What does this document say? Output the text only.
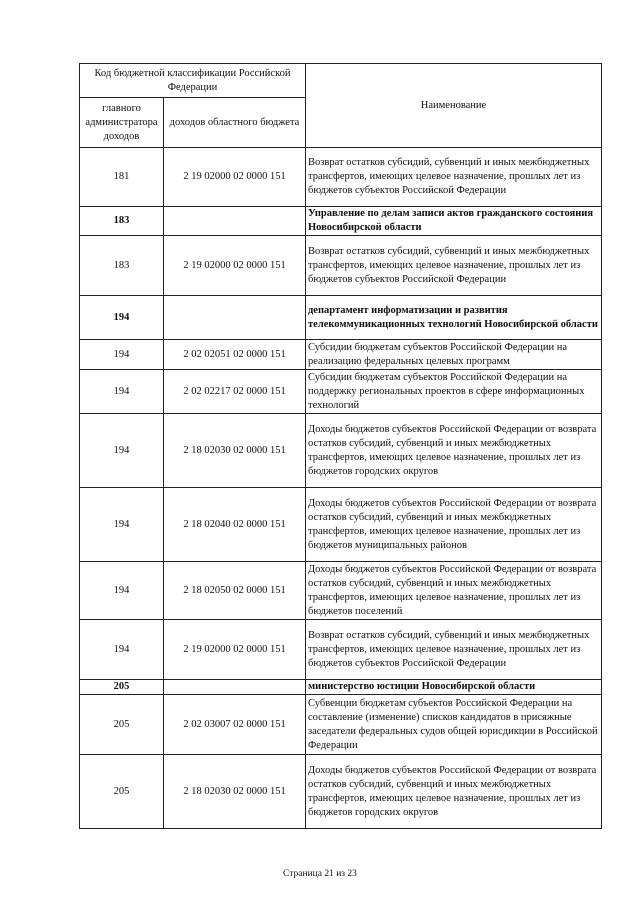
Код бюджетной классификации Российской Федерации		Наименование
главного администратора доходов	доходов областного бюджета	
181	2 19 02000 02 0000 151	Возврат остатков субсидий, субвенций и иных межбюджетных трансфертов, имеющих целевое назначение, прошлых лет из бюджетов субъектов Российской Федерации
183		Управление по делам записи актов гражданского состояния Новосибирской области
183	2 19 02000 02 0000 151	Возврат остатков субсидий, субвенций и иных межбюджетных трансфертов, имеющих целевое назначение, прошлых лет из бюджетов субъектов Российской Федерации
194		департамент информатизации и развития телекоммуникационных технологий Новосибирской области
194	2 02 02051 02 0000 151	Субсидии бюджетам субъектов Российской Федерации на реализацию федеральных целевых программ
194	2 02 02217 02 0000 151	Субсидии бюджетам субъектов Российской Федерации на поддержку региональных проектов в сфере информационных технологий
194	2 18 02030 02 0000 151	Доходы бюджетов субъектов Российской Федерации от возврата остатков субсидий, субвенций и иных межбюджетных трансфертов, имеющих целевое назначение, прошлых лет из бюджетов городских округов
194	2 18 02040 02 0000 151	Доходы бюджетов субъектов Российской Федерации от возврата остатков субсидий, субвенций и иных межбюджетных трансфертов, имеющих целевое назначение, прошлых лет из бюджетов муниципальных районов
194	2 18 02050 02 0000 151	Доходы бюджетов субъектов Российской Федерации от возврата остатков субсидий, субвенций и иных межбюджетных трансфертов, имеющих целевое назначение, прошлых лет из бюджетов поселений
194	2 19 02000 02 0000 151	Возврат остатков субсидий, субвенций и иных межбюджетных трансфертов, имеющих целевое назначение, прошлых лет из бюджетов субъектов Российской Федерации
205		министерство юстиции Новосибирской области
205	2 02 03007 02 0000 151	Субвенции бюджетам субъектов Российской Федерации на составление (изменение) списков кандидатов в присяжные заседатели федеральных судов общей юрисдикции в Российской Федерации
205	2 18 02030 02 0000 151	Доходы бюджетов субъектов Российской Федерации от возврата остатков субсидий, субвенций и иных межбюджетных трансфертов, имеющих целевое назначение, прошлых лет из бюджетов городских округов
Страница 21 из 23
